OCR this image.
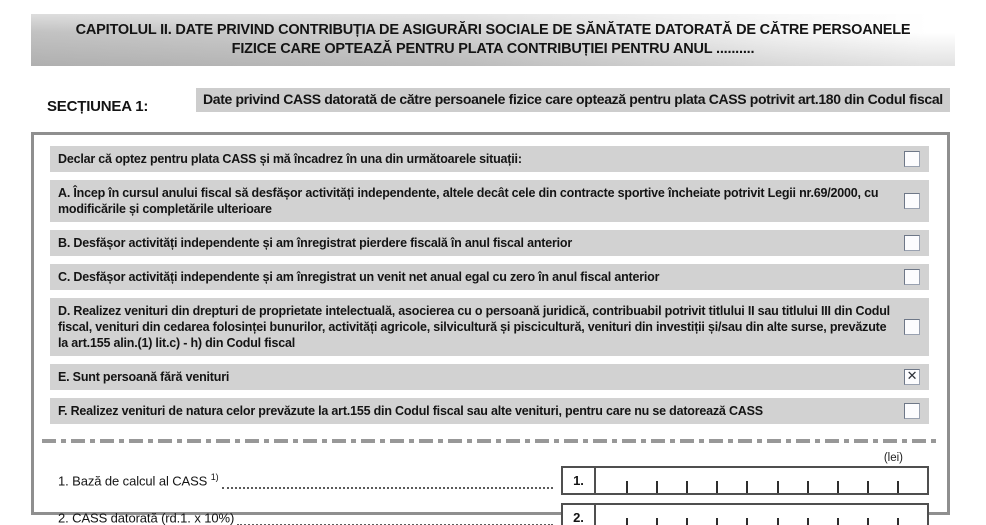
CAPITOLUL II. DATE PRIVIND CONTRIBUȚIA DE ASIGURĂRI SOCIALE DE SĂNĂTATE DATORATĂ DE CĂTRE PERSOANELE
FIZICE CARE OPTEAZĂ PENTRU PLATA CONTRIBUȚIEI PENTRU ANUL ..........
SECȚIUNEA 1:	Date privind CASS datorată de către persoanele fizice care optează pentru plata CASS potrivit art.180 din Codul fiscal
Declar că optez pentru plata CASS și mă încadrez în una din următoarele situații:
A. Încep în cursul anului fiscal să desfășor activități independente, altele decât cele din contracte sportive încheiate potrivit Legii nr.69/2000, cu modificările și completările ulterioare
B. Desfășor activități independente și am înregistrat pierdere fiscală în anul fiscal anterior
C. Desfășor activități independente și am înregistrat un venit net anual egal cu zero în anul fiscal anterior
D. Realizez venituri din drepturi de proprietate intelectuală, asocierea cu o persoană juridică, contribuabil potrivit titlului II sau titlului III din Codul fiscal, venituri din cedarea folosinței bunurilor, activități agricole, silvicultură și piscicultură, venituri din investiții și/sau din alte surse, prevăzute la art.155 alin.(1) lit.c) - h) din Codul fiscal
E. Sunt persoană fără venituri	✕
F. Realizez venituri de natura celor prevăzute la art.155 din Codul fiscal sau alte venituri, pentru care nu se datorează CASS
(lei)
1. Bază de calcul al CASS $^{1)}$	1.
2. CASS datorată (rd.1. x 10%)	2.
